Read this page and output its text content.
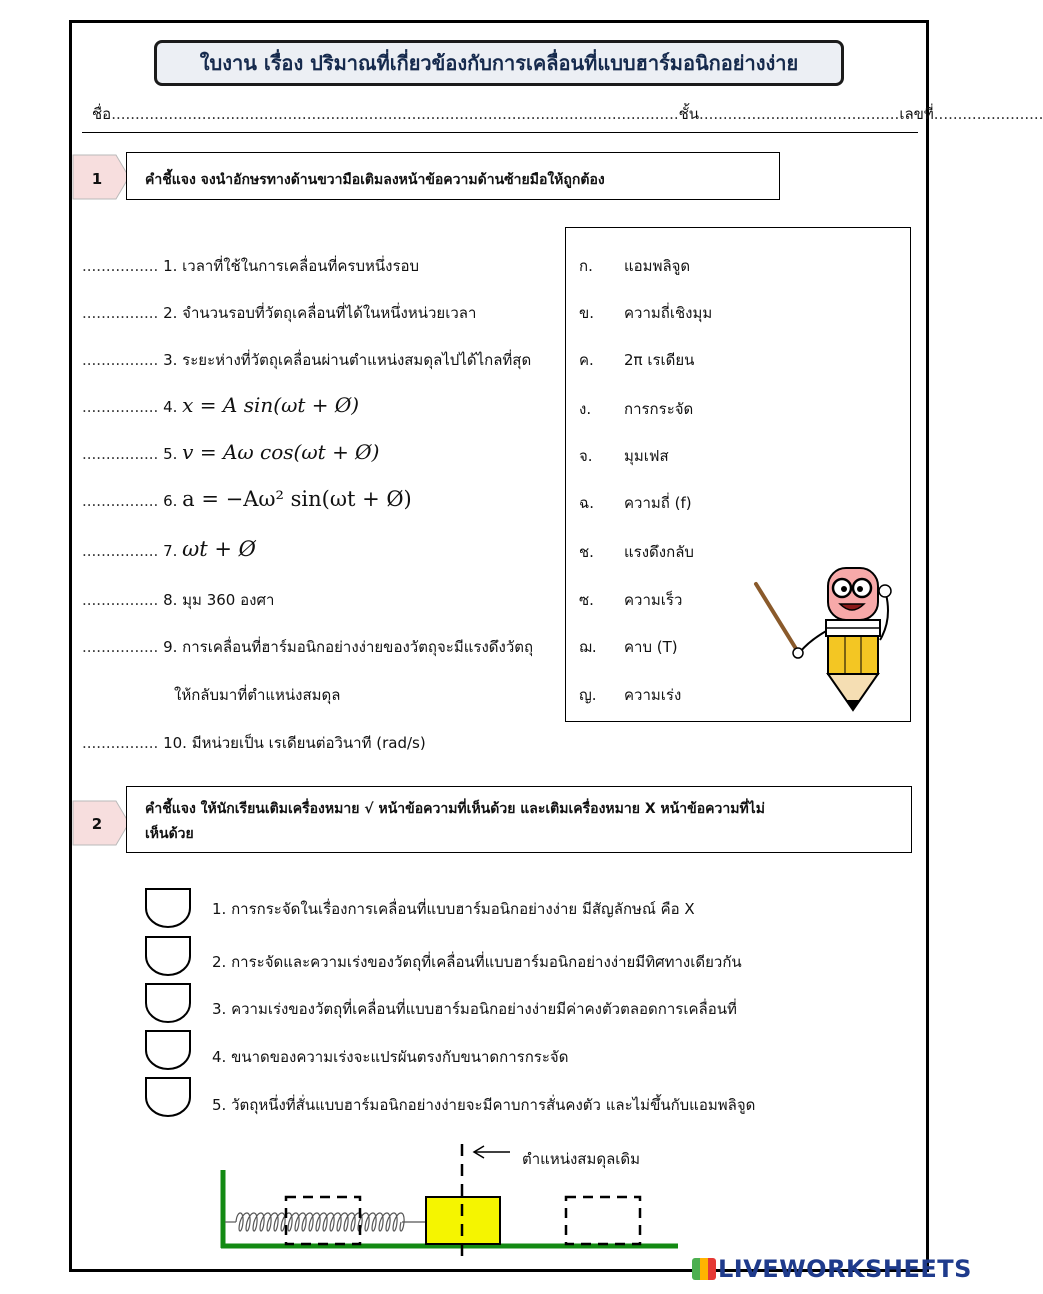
ใบงาน เรื่อง ปริมาณที่เกี่ยวข้องกับการเคลื่อนที่แบบฮาร์มอนิกอย่างง่าย
ชื่อ.......................................................................................................................ชั้น..........................................เลขที่.......................
1	คำชี้แจง จงนำอักษรทางด้านขวามือเติมลงหน้าข้อความด้านซ้ายมือให้ถูกต้อง
................ 1. เวลาที่ใช้ในการเคลื่อนที่ครบหนึ่งรอบ
................ 2. จำนวนรอบที่วัตถุเคลื่อนที่ได้ในหนึ่งหน่วยเวลา
................ 3. ระยะห่างที่วัตถุเคลื่อนผ่านตำแหน่งสมดุลไปได้ไกลที่สุด
................ 4. x = A sin(ωt + Ø)
................ 5. v = Aω cos(ωt + Ø)
................ 6. a = −Aω² sin(ωt + Ø)
................ 7. ωt + Ø
................ 8. มุม 360 องศา
................ 9. การเคลื่อนที่ฮาร์มอนิกอย่างง่ายของวัตถุจะมีแรงดึงวัตถุ
ให้กลับมาที่ตำแหน่งสมดุล
................ 10. มีหน่วยเป็น เรเดียนต่อวินาที (rad/s)
ก. แอมพลิจูด
ข. ความถี่เชิงมุม
ค. 2π เรเดียน
ง. การกระจัด
จ. มุมเฟส
ฉ. ความถี่ (f)
ช. แรงดึงกลับ
ซ. ความเร็ว
ฌ. คาบ (T)
ญ. ความเร่ง
2
คำชี้แจง ให้นักเรียนเติมเครื่องหมาย √ หน้าข้อความที่เห็นด้วย และเติมเครื่องหมาย X หน้าข้อความที่ไม่
เห็นด้วย
1. การกระจัดในเรื่องการเคลื่อนที่แบบฮาร์มอนิกอย่างง่าย มีสัญลักษณ์ คือ X
2. การะจัดและความเร่งของวัตถุที่เคลื่อนที่แบบฮาร์มอนิกอย่างง่ายมีทิศทางเดียวกัน
3. ความเร่งของวัตถุที่เคลื่อนที่แบบฮาร์มอนิกอย่างง่ายมีค่าคงตัวตลอดการเคลื่อนที่
4. ขนาดของความเร่งจะแปรผันตรงกับขนาดการกระจัด
5. วัตถุหนึ่งที่สั่นแบบฮาร์มอนิกอย่างง่ายจะมีคาบการสั่นคงตัว และไม่ขึ้นกับแอมพลิจูด
ตำแหน่งสมดุลเดิม
LIVEWORKSHEETS
